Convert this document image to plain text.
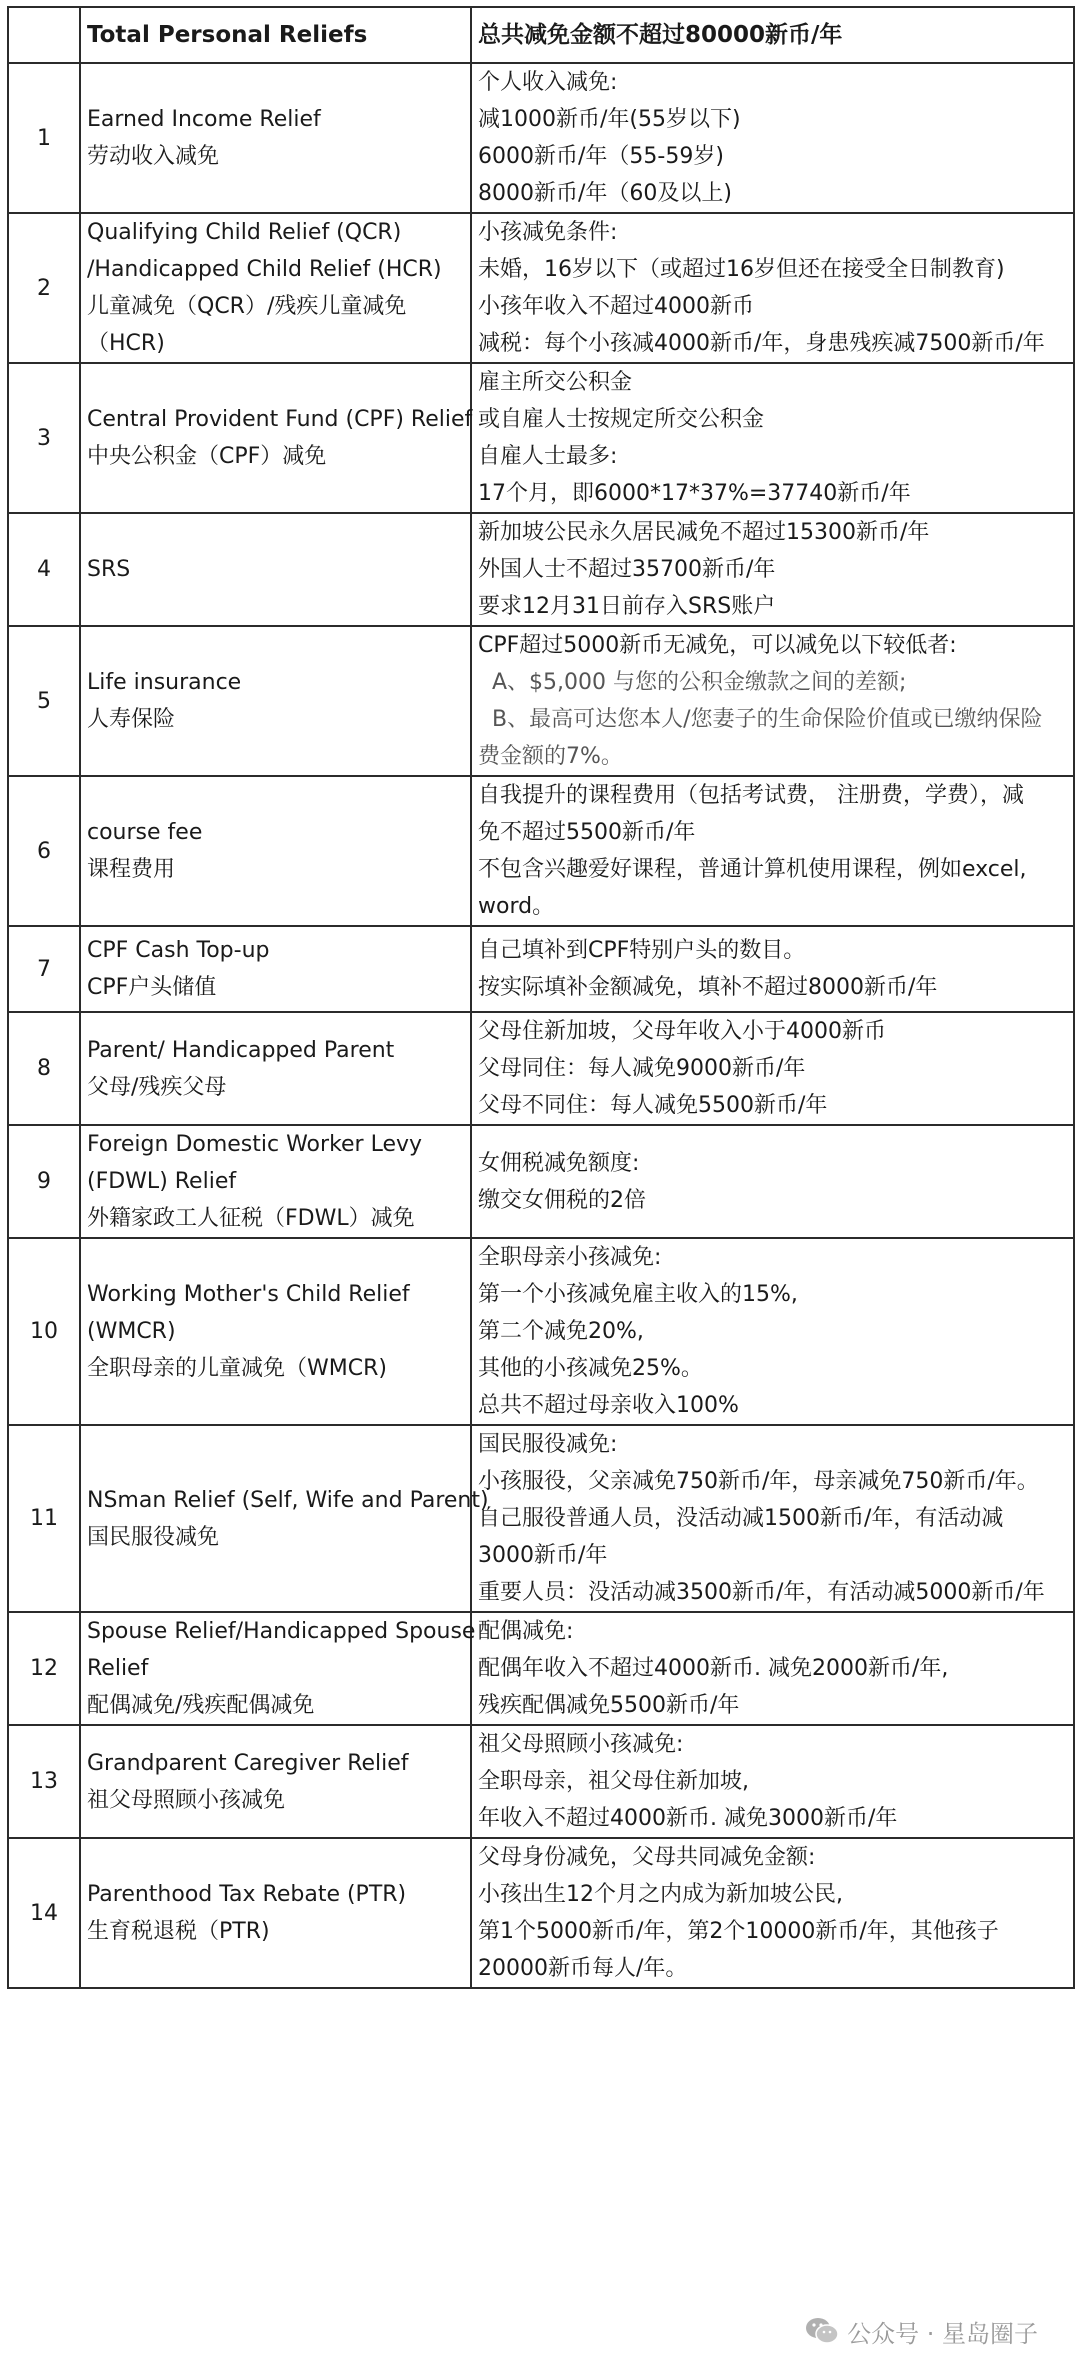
	Total Personal Reliefs	总共减免金额不超过80000新币/年
1	Earned Income Relief
劳动收入减免	个人收入减免:
减1000新币/年(55岁以下)
6000新币/年（55-59岁)
8000新币/年（60及以上)

2	Qualifying Child Relief (QCR)
/Handicapped Child Relief (HCR)
儿童减免（QCR）/残疾儿童减免
（HCR)	小孩减免条件:
未婚，16岁以下（或超过16岁但还在接受全日制教育)
小孩年收入不超过4000新币
减税：每个小孩减4000新币/年，身患残疾减7500新币/年

3	Central Provident Fund (CPF) Relief
中央公积金（CPF）减免	雇主所交公积金
或自雇人士按规定所交公积金
自雇人士最多:
17个月，即6000*17*37%=37740新币/年

4	SRS	新加坡公民永久居民减免不超过15300新币/年
外国人士不超过35700新币/年
要求12月31日前存入SRS账户

5	Life insurance
人寿保险	CPF超过5000新币无减免，可以减免以下较低者:
A、$5,000 与您的公积金缴款之间的差额;
B、最高可达您本人/您妻子的生命保险价值或已缴纳保险
费金额的7%。

6	course fee
课程费用	自我提升的课程费用（包括考试费， 注册费，学费），减
免不超过5500新币/年
不包含兴趣爱好课程，普通计算机使用课程，例如excel,
word。

7	CPF Cash Top-up
CPF户头储值	自己填补到CPF特别户头的数目。
按实际填补金额减免，填补不超过8000新币/年

8	Parent/ Handicapped Parent
父母/残疾父母	父母住新加坡，父母年收入小于4000新币
父母同住：每人减免9000新币/年
父母不同住：每人减免5500新币/年

9	Foreign Domestic Worker Levy
(FDWL) Relief
外籍家政工人征税（FDWL）减免	女佣税减免额度:
缴交女佣税的2倍

10	Working Mother's Child Relief
(WMCR)
全职母亲的儿童减免（WMCR)	全职母亲小孩减免:
第一个小孩减免雇主收入的15%,
第二个减免20%,
其他的小孩减免25%。
总共不超过母亲收入100%

11	NSman Relief (Self, Wife and Parent)
国民服役减免	国民服役减免:
小孩服役，父亲减免750新币/年，母亲减免750新币/年。
自己服役普通人员，没活动减1500新币/年，有活动减
3000新币/年
重要人员：没活动减3500新币/年，有活动减5000新币/年

12	Spouse Relief/Handicapped Spouse
Relief
配偶减免/残疾配偶减免	配偶减免:
配偶年收入不超过4000新币. 减免2000新币/年,
残疾配偶减免5500新币/年

13	Grandparent Caregiver Relief
祖父母照顾小孩减免	祖父母照顾小孩减免:
全职母亲，祖父母住新加坡,
年收入不超过4000新币. 减免3000新币/年

14	Parenthood Tax Rebate (PTR)
生育税退税（PTR)	父母身份减免，父母共同减免金额:
小孩出生12个月之内成为新加坡公民,
第1个5000新币/年，第2个10000新币/年，其他孩子
20000新币每人/年。
公众号 · 星岛圈子
